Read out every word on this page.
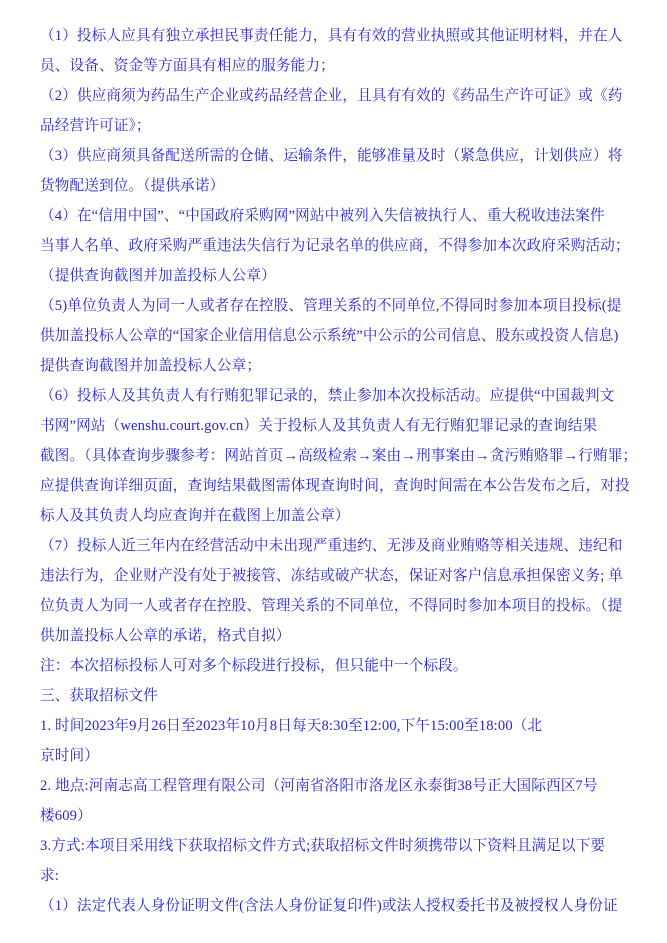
（1）投标人应具有独立承担民事责任能力，具有有效的营业执照或其他证明材料，并在人
员、设备、资金等方面具有相应的服务能力；
（2）供应商须为药品生产企业或药品经营企业，且具有有效的《药品生产许可证》或《药
品经营许可证》；
（3）供应商须具备配送所需的仓储、运输条件，能够准量及时（紧急供应，计划供应）将
货物配送到位。（提供承诺）
（4）在“信用中国”、“中国政府采购网”网站中被列入失信被执行人、重大税收违法案件
当事人名单、政府采购严重违法失信行为记录名单的供应商，不得参加本次政府采购活动；
（提供查询截图并加盖投标人公章）
（5)单位负责人为同一人或者存在控股、管理关系的不同单位,不得同时参加本项目投标(提
供加盖投标人公章的“国家企业信用信息公示系统”中公示的公司信息、股东或投资人信息)
提供查询截图并加盖投标人公章；
（6）投标人及其负责人有行贿犯罪记录的，禁止参加本次投标活动。应提供“中国裁判文
书网”网站（wenshu.court.gov.cn）关于投标人及其负责人有无行贿犯罪记录的查询结果
截图。（具体查询步骤参考：网站首页→高级检索→案由→刑事案由→贪污贿赂罪→行贿罪；
应提供查询详细页面，查询结果截图需体现查询时间，查询时间需在本公告发布之后，对投
标人及其负责人均应查询并在截图上加盖公章）
（7）投标人近三年内在经营活动中未出现严重违约、无涉及商业贿赂等相关违规、违纪和
违法行为，企业财产没有处于被接管、冻结或破产状态，保证对客户信息承担保密义务; 单
位负责人为同一人或者存在控股、管理关系的不同单位，不得同时参加本项目的投标。（提
供加盖投标人公章的承诺，格式自拟）
注：本次招标投标人可对多个标段进行投标，但只能中一个标段。
三、获取招标文件
1. 时间2023年9月26日至2023年10月8日每天8:30至12:00,下午15:00至18:00（北
京时间）
2. 地点:河南志高工程管理有限公司（河南省洛阳市洛龙区永泰街38号正大国际西区7号
楼609）
3.方式:本项目采用线下获取招标文件方式;获取招标文件时须携带以下资料且满足以下要
求:
（1）法定代表人身份证明文件(含法人身份证复印件)或法人授权委托书及被授权人身份证
